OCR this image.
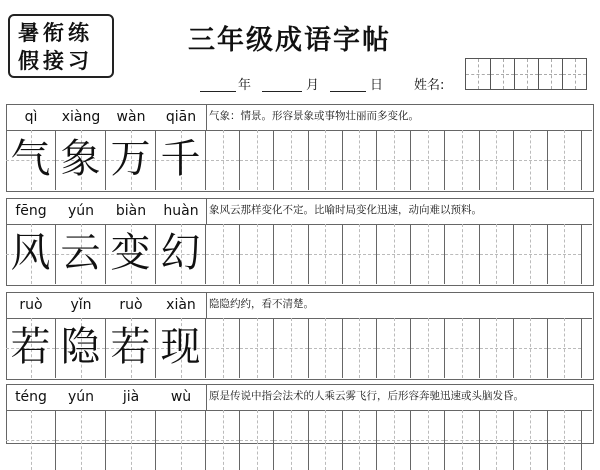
暑衔练
假接习
三年级成语字帖
年	月	日 姓名:
qì	xiàng	wàn	qiān	气象：情景。形容景象或事物壮丽而多变化。
气 象 万 千
fēng	yún	biàn	huàn 象风云那样变化不定。比喻时局变化迅速，动向难以预料。
风 云 变 幻
ruò	yǐn	ruò	xiàn	隐隐约约，看不清楚。
若 隐 若 现
téng	yún	jià	wù	原是传说中指会法术的人乘云雾飞行，后形容奔驰迅速或头脑发昏。
